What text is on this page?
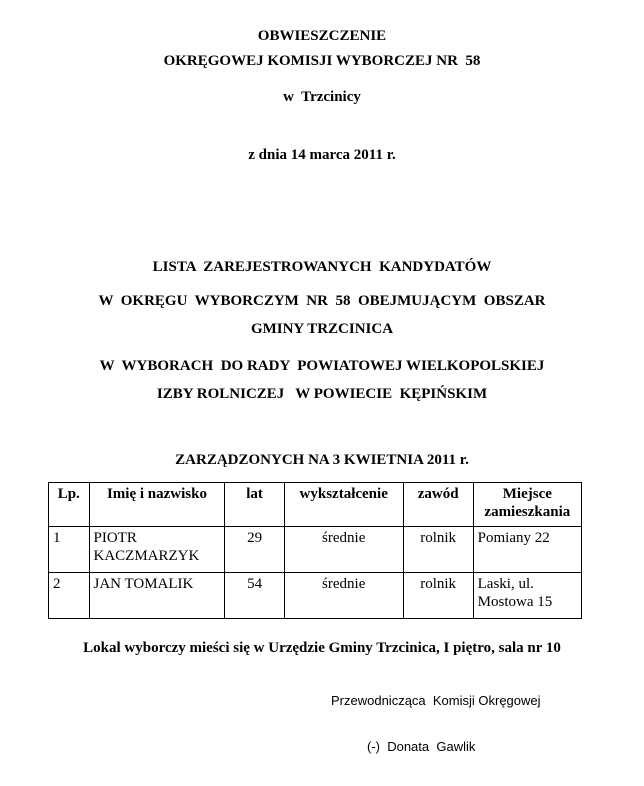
OBWIESZCZENIE
OKRĘGOWEJ KOMISJI WYBORCZEJ NR  58
w  Trzcinicy
z dnia 14 marca 2011 r.
LISTA  ZAREJESTROWANYCH  KANDYDATÓW
W  OKRĘGU  WYBORCZYM  NR  58  OBEJMUJĄCYM  OBSZAR
GMINY TRZCINICA
W  WYBORACH  DO RADY  POWIATOWEJ WIELKOPOLSKIEJ
IZBY ROLNICZEJ   W POWIECIE  KĘPIŃSKIM
ZARZĄDZONYCH NA 3 KWIETNIA 2011 r.
Lp.	Imię i nazwisko	lat	wykształcenie	zawód	Miejsce zamieszkania
1	PIOTR KACZMARZYK	29	średnie	rolnik	Pomiany 22
2	JAN TOMALIK	54	średnie	rolnik	Laski, ul. Mostowa 15
Lokal wyborczy mieści się w Urzędzie Gminy Trzcinica, I piętro, sala nr 10
Przewodnicząca  Komisji Okręgowej
(-)  Donata  Gawlik
